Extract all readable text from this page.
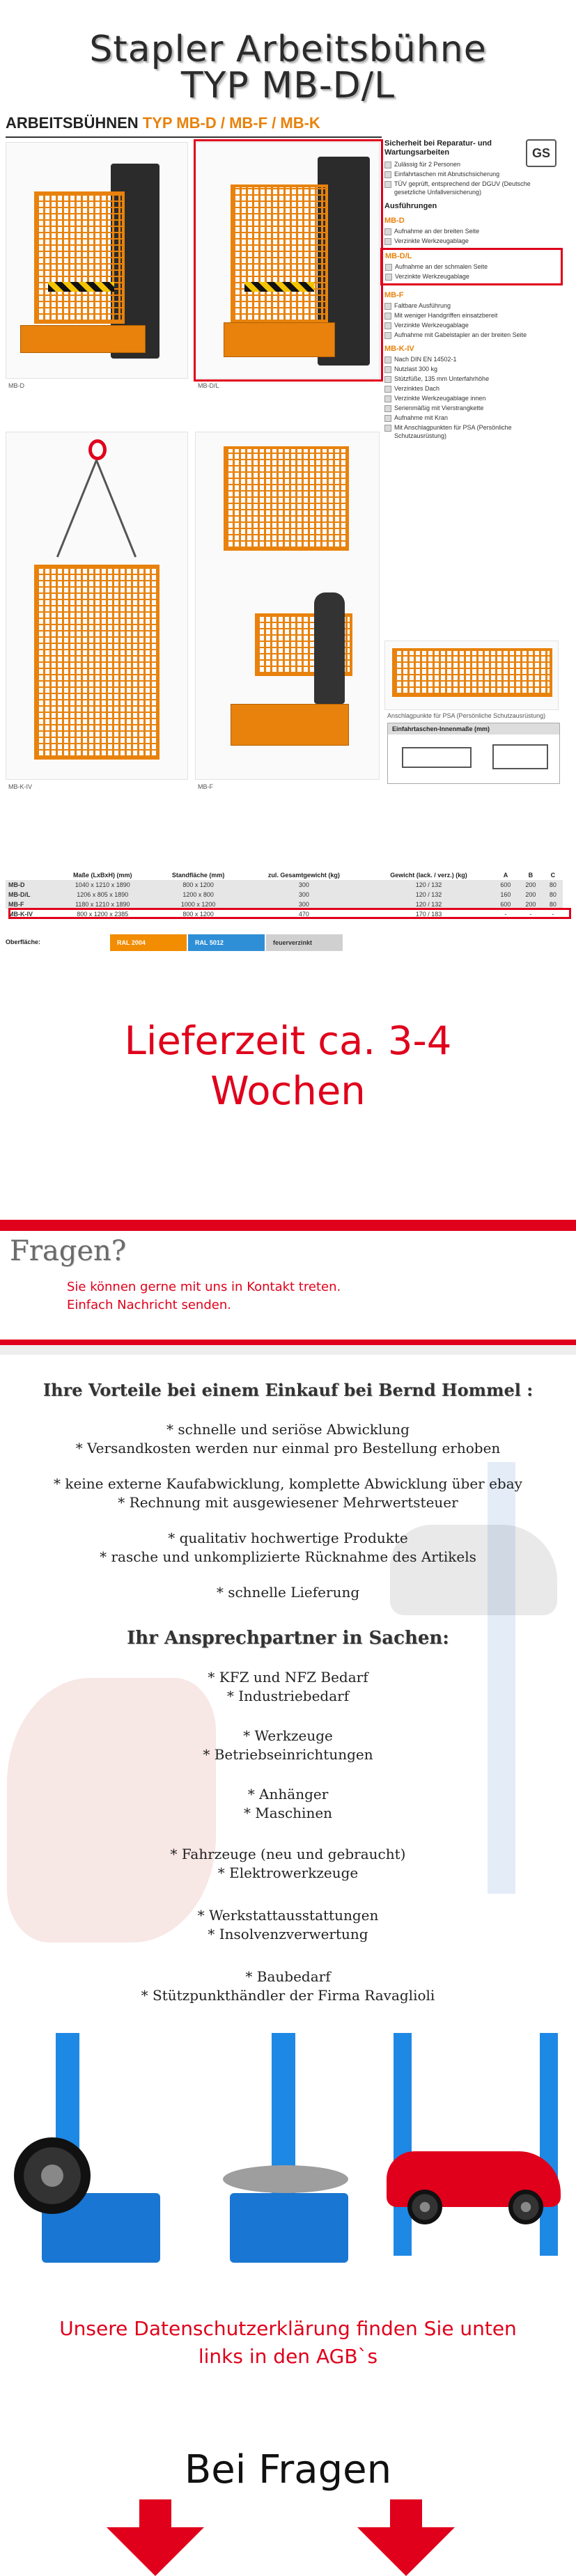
Stapler Arbeitsbühne
TYP MB-D/L
ARBEITSBÜHNEN TYP MB-D / MB-F / MB-K
GS
MB-D	MB-D/L
MB-K-IV	MB-F
Anschlagpunkte für PSA (Persönliche Schutzausrüstung)
Einfahrtaschen-Innenmaße (mm)
Sicherheit bei Reparatur- und Wartungsarbeiten
Zulässig für 2 Personen
Einfahrtaschen mit Abrutschsicherung
TÜV geprüft, entsprechend der DGUV (Deutsche gesetzliche Unfallversicherung)
Ausführungen
MB-D
Aufnahme an der breiten Seite
Verzinkte Werkzeugablage
MB-D/L
Aufnahme an der schmalen Seite
Verzinkte Werkzeugablage
MB-F
Faltbare Ausführung
Mit weniger Handgriffen einsatzbereit
Verzinkte Werkzeugablage
Aufnahme mit Gabelstapler an der breiten Seite
MB-K-IV
Nach DIN EN 14502-1
Nutzlast 300 kg
Stützfüße, 135 mm Unterfahrhöhe
Verzinktes Dach
Verzinkte Werkzeugablage innen
Serienmäßig mit Vierstrangkette
Aufnahme mit Kran
Mit Anschlagpunkten für PSA (Persönliche Schutzausrüstung)
	Maße (LxBxH) (mm)	Standfläche (mm)	zul. Gesamtgewicht (kg)	Gewicht (lack. / verz.) (kg)	A	B	C
MB-D	1040 x 1210 x 1890	800 x 1200	300	120 / 132	600	200	80
MB-D/L	1206 x 805 x 1890	1200 x 800	300	120 / 132	160	200	80
MB-F	1180 x 1210 x 1890	1000 x 1200	300	120 / 132	600	200	80
MB-K-IV	800 x 1200 x 2385	800 x 1200	470	170 / 183	-	-	-
Oberfläche:	RAL 2004	RAL 5012	feuerverzinkt
Lieferzeit ca. 3-4
Wochen
Fragen?
Sie können gerne mit uns in Kontakt treten.
Einfach Nachricht senden.
Ihre Vorteile bei einem Einkauf bei Bernd Hommel :
* schnelle und seriöse Abwicklung
* Versandkosten werden nur einmal pro Bestellung erhoben
* keine externe Kaufabwicklung, komplette Abwicklung über ebay
* Rechnung mit ausgewiesener Mehrwertsteuer
* qualitativ hochwertige Produkte
* rasche und unkomplizierte Rücknahme des Artikels
* schnelle Lieferung
Ihr Ansprechpartner in Sachen:
* KFZ und NFZ Bedarf
* Industriebedarf
* Werkzeuge
* Betriebseinrichtungen
* Anhänger
* Maschinen
* Fahrzeuge (neu und gebraucht)
* Elektrowerkzeuge
* Werkstattausstattungen
* Insolvenzverwertung
* Baubedarf
* Stützpunkthändler der Firma Ravaglioli
Unsere Datenschutzerklärung finden Sie unten
links in den AGB`s
Bei Fragen
